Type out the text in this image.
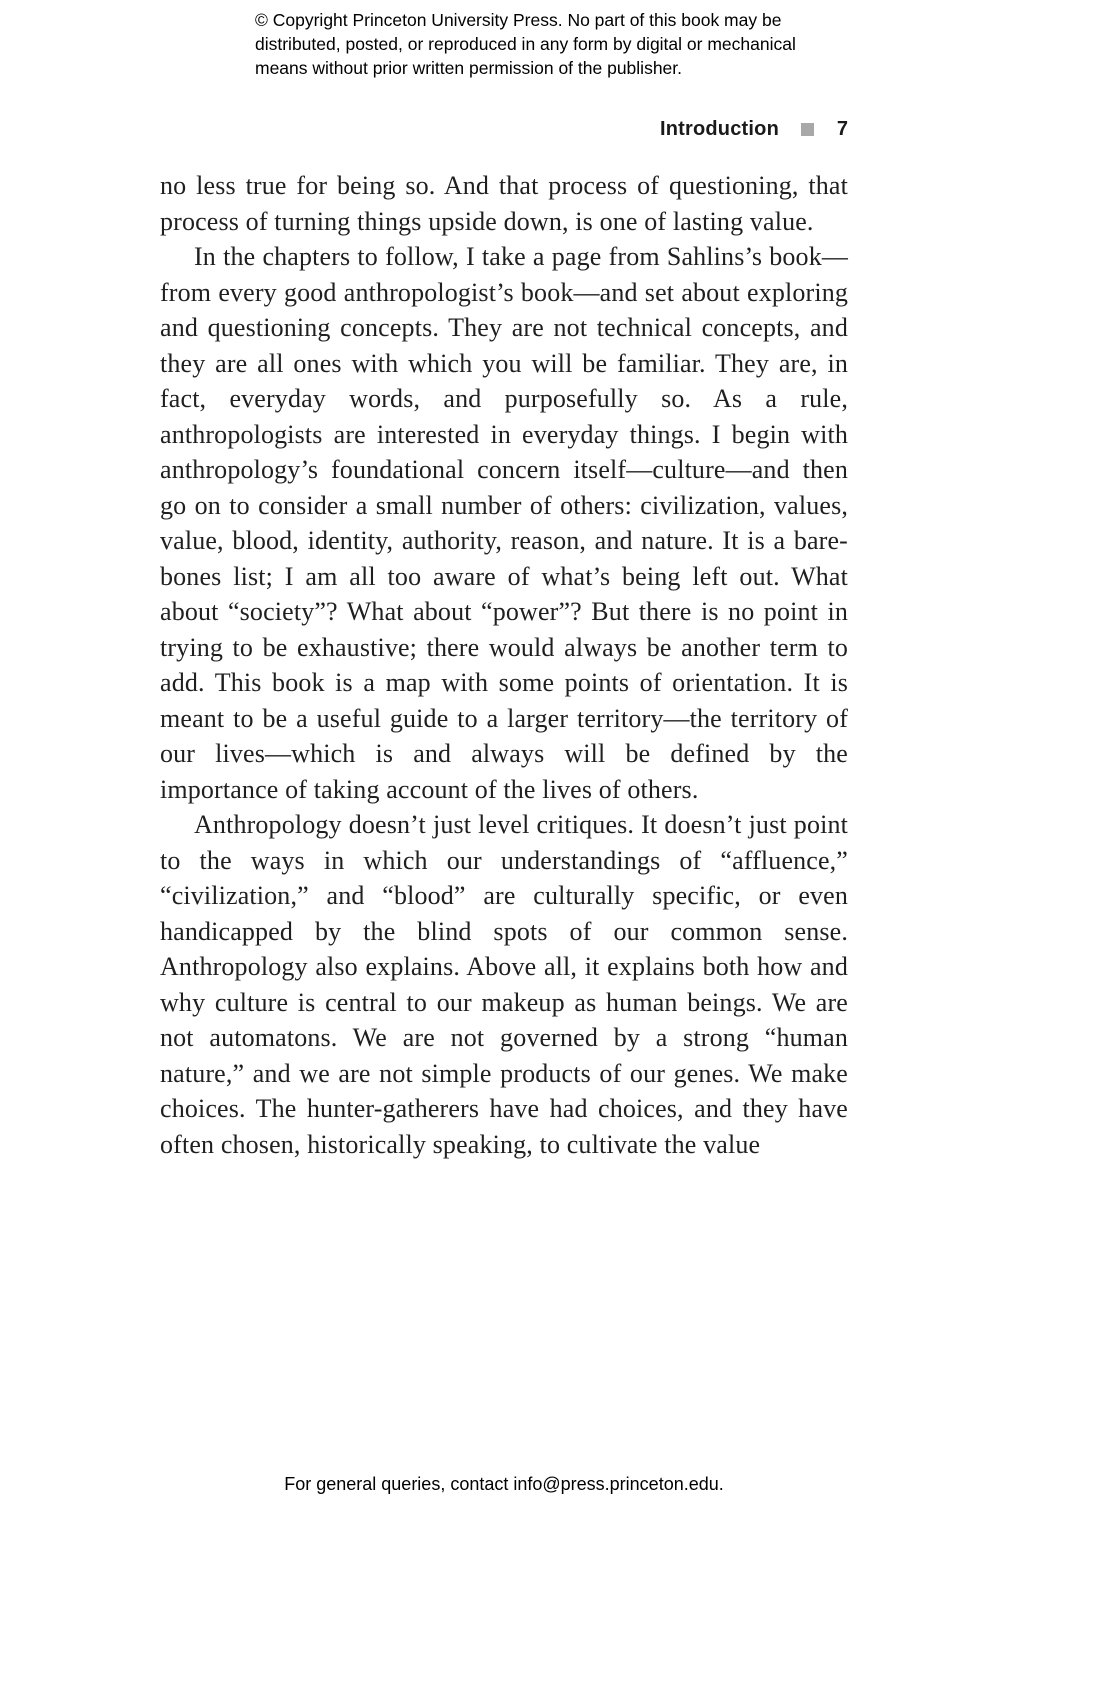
© Copyright Princeton University Press. No part of this book may be
distributed, posted, or reproduced in any form by digital or mechanical
means without prior written permission of the publisher.
Introduction	7

no less true for being so. And that process of questioning, that process of turning things upside down, is one of lasting value.

In the chapters to follow, I take a page from Sahlins’s book—from every good anthropologist’s book—and set about exploring and questioning concepts. They are not technical concepts, and they are all ones with which you will be familiar. They are, in fact, everyday words, and purposefully so. As a rule, anthropologists are interested in everyday things. I begin with anthropology’s foundational concern itself—culture—and then go on to consider a small number of others: civilization, values, value, blood, identity, authority, reason, and nature. It is a bare-bones list; I am all too aware of what’s being left out. What about “society”? What about “power”? But there is no point in trying to be exhaustive; there would always be another term to add. This book is a map with some points of orientation. It is meant to be a useful guide to a larger territory—the territory of our lives—which is and always will be defined by the importance of taking account of the lives of others.

Anthropology doesn’t just level critiques. It doesn’t just point to the ways in which our understandings of “affluence,” “civilization,” and “blood” are culturally specific, or even handicapped by the blind spots of our common sense. Anthropology also explains. Above all, it explains both how and why culture is central to our makeup as human beings. We are not automatons. We are not governed by a strong “human nature,” and we are not simple products of our genes. We make choices. The hunter-gatherers have had choices, and they have often chosen, historically speaking, to cultivate the value

For general queries, contact info@press.princeton.edu.
